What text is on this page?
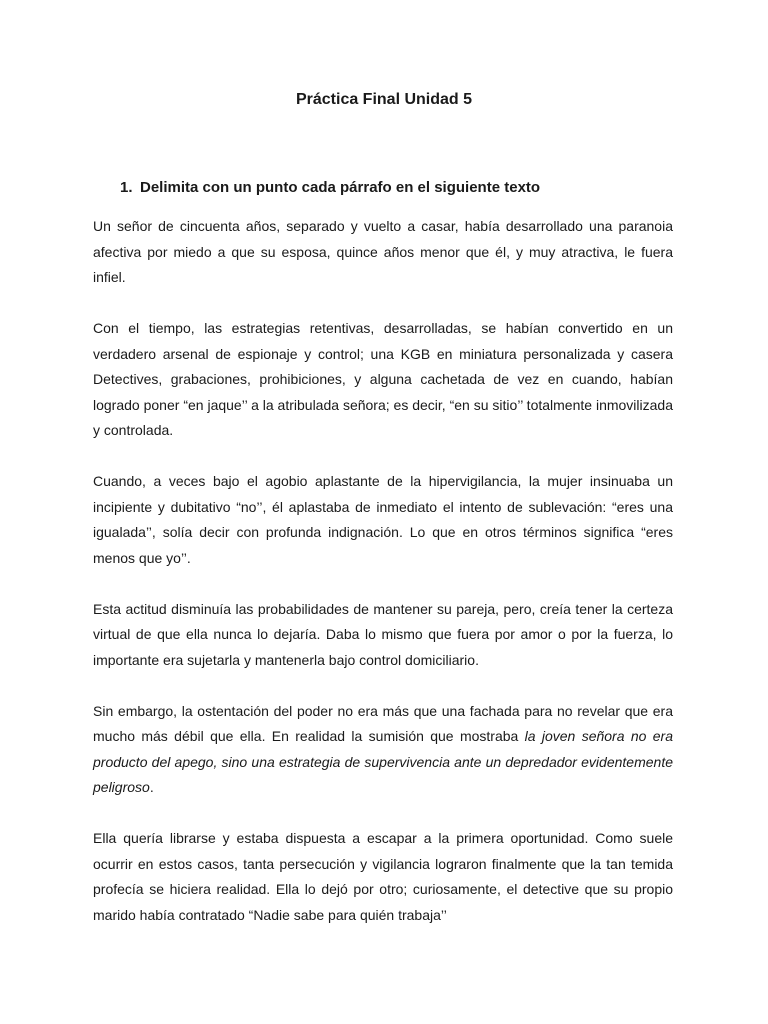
Práctica Final Unidad 5
1. Delimita con un punto cada párrafo en el siguiente texto

Un señor de cincuenta años, separado y vuelto a casar, había desarrollado una paranoia afectiva por miedo a que su esposa, quince años menor que él, y muy atractiva, le fuera infiel.

Con el tiempo, las estrategias retentivas, desarrolladas, se habían convertido en un verdadero arsenal de espionaje y control; una KGB en miniatura personalizada y casera Detectives, grabaciones, prohibiciones, y alguna cachetada de vez en cuando, habían logrado poner “en jaque’’ a la atribulada señora; es decir, “en su sitio’’ totalmente inmovilizada y controlada.

Cuando, a veces bajo el agobio aplastante de la hipervigilancia, la mujer insinuaba un incipiente y dubitativo “no’’, él aplastaba de inmediato el intento de sublevación: “eres una igualada’’, solía decir con profunda indignación. Lo que en otros términos significa “eres menos que yo’’.

Esta actitud disminuía las probabilidades de mantener su pareja, pero, creía tener la certeza virtual de que ella nunca lo dejaría. Daba lo mismo que fuera por amor o por la fuerza, lo importante era sujetarla y mantenerla bajo control domiciliario.

Sin embargo, la ostentación del poder no era más que una fachada para no revelar que era mucho más débil que ella. En realidad la sumisión que mostraba la joven señora no era producto del apego, sino una estrategia de supervivencia ante un depredador evidentemente peligroso.

Ella quería librarse y estaba dispuesta a escapar a la primera oportunidad. Como suele ocurrir en estos casos, tanta persecución y vigilancia lograron finalmente que la tan temida profecía se hiciera realidad. Ella lo dejó por otro; curiosamente, el detective que su propio marido había contratado “Nadie sabe para quién trabaja’’
